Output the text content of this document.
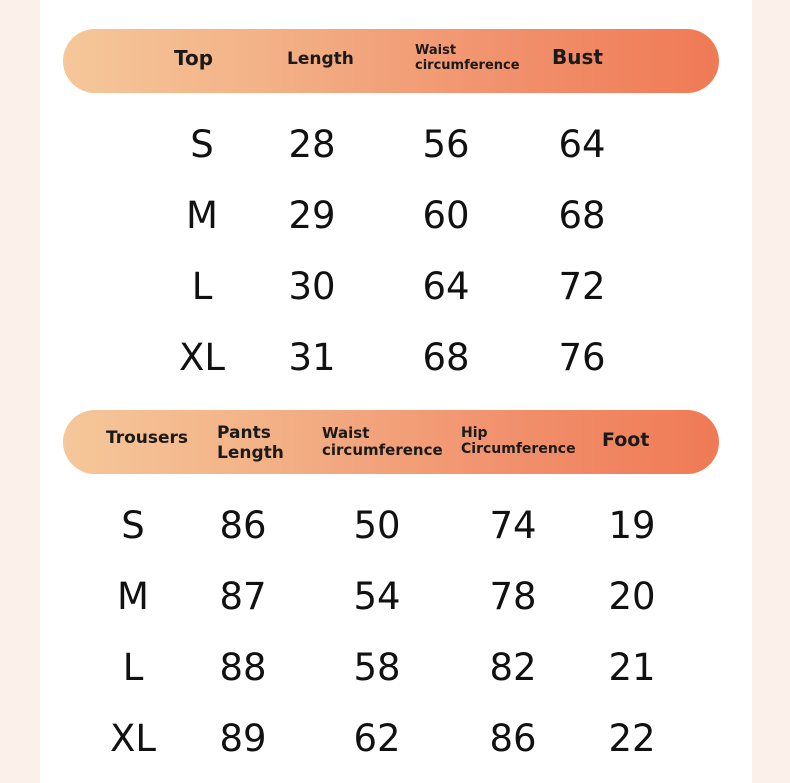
Top	Length	Waist
circumference Bust
S 28 56 64
M 29 60 68
L 30 64 72
XL 31 68 76
Trousers Pants
Length
Waist
circumference
Hip
Circumference Foot
S 86 50 74 19
M 87 54 78 20
L 88 58 82 21
XL 89 62 86 22
